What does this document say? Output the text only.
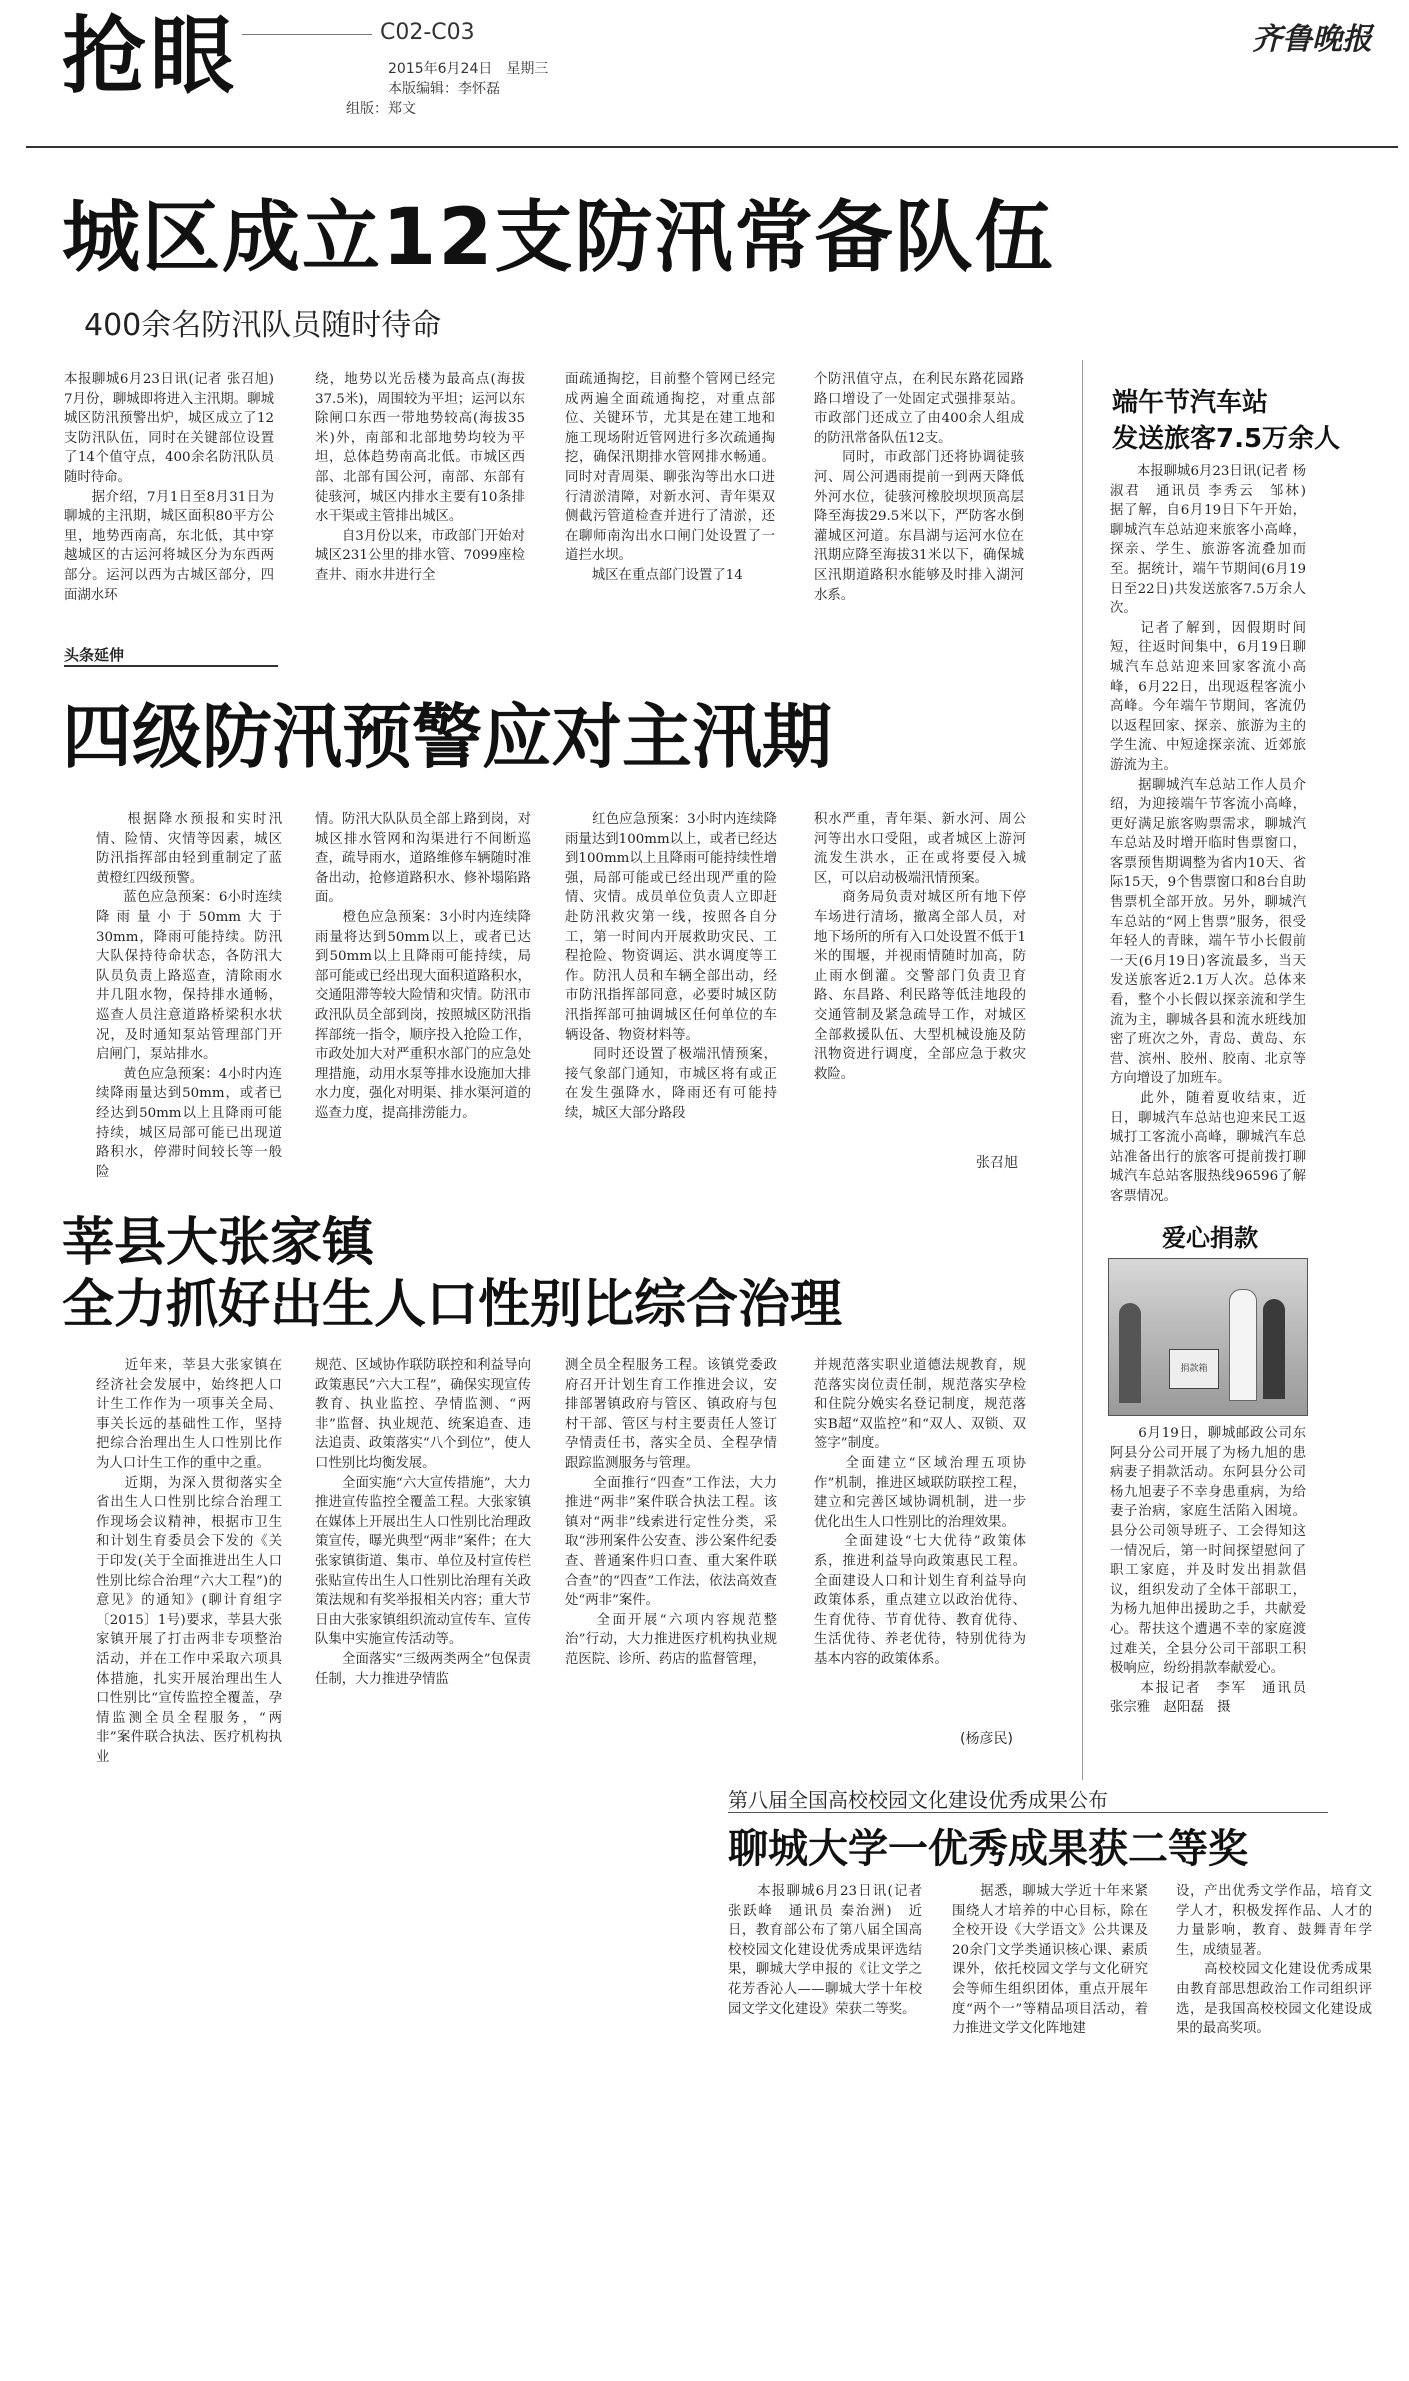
抢眼	C02-C03
2015年6月24日　星期三
本版编辑：李怀磊
组版：郑文
齐鲁晚报
城区成立12支防汛常备队伍
400余名防汛队员随时待命
本报聊城6月23日讯(记者 张召旭)　7月份，聊城即将进入主汛期。聊城城区防汛预警出炉，城区成立了12支防汛队伍，同时在关键部位设置了14个值守点，400余名防汛队员随时待命。
　　据介绍，7月1日至8月31日为聊城的主汛期，城区面积80平方公里，地势西南高，东北低，其中穿越城区的古运河将城区分为东西两部分。运河以西为古城区部分，四面湖水环
绕，地势以光岳楼为最高点(海拔37.5米)，周围较为平坦；运河以东除闸口东西一带地势较高(海拔35米)外，南部和北部地势均较为平坦，总体趋势南高北低。市城区西部、北部有国公河，南部、东部有徒骇河，城区内排水主要有10条排水干渠或主管排出城区。
　　自3月份以来，市政部门开始对城区231公里的排水管、7099座检查井、雨水井进行全
面疏通掏挖，目前整个管网已经完成两遍全面疏通掏挖，对重点部位、关键环节，尤其是在建工地和施工现场附近管网进行多次疏通掏挖，确保汛期排水管网排水畅通。同时对青周渠、聊张沟等出水口进行清淤清障，对新水河、青年渠双侧截污管道检查并进行了清淤，还在聊师南沟出水口闸门处设置了一道拦水坝。
　　城区在重点部门设置了14
个防汛值守点，在利民东路花园路路口增设了一处固定式强排泵站。市政部门还成立了由400余人组成的防汛常备队伍12支。
　　同时，市政部门还将协调徒骇河、周公河遇雨提前一到两天降低外河水位，徒骇河橡胶坝坝顶高层降至海拔29.5米以下，严防客水倒灌城区河道。东昌湖与运河水位在汛期应降至海拔31米以下，确保城区汛期道路积水能够及时排入湖河水系。
头条延伸
四级防汛预警应对主汛期
　　根据降水预报和实时汛情、险情、灾情等因素，城区防汛指挥部由轻到重制定了蓝黄橙红四级预警。
　　蓝色应急预案：6小时连续降雨量小于50mm大于30mm，降雨可能持续。防汛大队保持待命状态，各防汛大队员负责上路巡查，清除雨水井几阻水物，保持排水通畅，巡查人员注意道路桥梁积水状况，及时通知泵站管理部门开启闸门，泵站排水。
　　黄色应急预案：4小时内连续降雨量达到50mm，或者已经达到50mm以上且降雨可能持续，城区局部可能已出现道路积水，停滞时间较长等一般险
情。防汛大队队员全部上路到岗，对城区排水管网和沟渠进行不间断巡查，疏导雨水，道路维修车辆随时准备出动，抢修道路积水、修补塌陷路面。
　　橙色应急预案：3小时内连续降雨量将达到50mm以上，或者已达到50mm以上且降雨可能持续，局部可能或已经出现大面积道路积水，交通阻滞等较大险情和灾情。防汛市政汛队员全部到岗，按照城区防汛指挥部统一指令，顺序投入抢险工作，市政处加大对严重积水部门的应急处理措施，动用水泵等排水设施加大排水力度，强化对明渠、排水渠河道的巡查力度，提高排涝能力。
　　红色应急预案：3小时内连续降雨量达到100mm以上，或者已经达到100mm以上且降雨可能持续性增强，局部可能或已经出现严重的险情、灾情。成员单位负责人立即赶赴防汛救灾第一线，按照各自分工，第一时间内开展救助灾民、工程抢险、物资调运、洪水调度等工作。防汛人员和车辆全部出动，经市防汛指挥部同意，必要时城区防汛指挥部可抽调城区任何单位的车辆设备、物资材料等。
　　同时还设置了极端汛情预案，接气象部门通知，市城区将有或正在发生强降水，降雨还有可能持续，城区大部分路段
积水严重，青年渠、新水河、周公河等出水口受阻，或者城区上游河流发生洪水，正在或将要侵入城区，可以启动极端汛情预案。
　　商务局负责对城区所有地下停车场进行清场，撤离全部人员，对地下场所的所有入口处设置不低于1米的围堰，并视雨情随时加高，防止雨水倒灌。交警部门负责卫育路、东昌路、利民路等低洼地段的交通管制及紧急疏导工作，对城区全部救援队伍、大型机械设施及防汛物资进行调度，全部应急于救灾救险。
张召旭
莘县大张家镇
全力抓好出生人口性别比综合治理
　　近年来，莘县大张家镇在经济社会发展中，始终把人口计生工作作为一项事关全局、事关长远的基础性工作，坚持把综合治理出生人口性别比作为人口计生工作的重中之重。
　　近期，为深入贯彻落实全省出生人口性别比综合治理工作现场会议精神，根据市卫生和计划生育委员会下发的《关于印发(关于全面推进出生人口性别比综合治理“六大工程”)的意见》的通知》(聊计育组字〔2015〕1号)要求，莘县大张家镇开展了打击两非专项整治活动，并在工作中采取六项具体措施，扎实开展治理出生人口性别比“宣传监控全覆盖，孕情监测全员全程服务，“两非”案件联合执法、医疗机构执业
规范、区域协作联防联控和利益导向政策惠民”六大工程”，确保实现宣传教育、执业监控、孕情监测、“两非”监督、执业规范、统案追查、违法追责、政策落实“八个到位”，使人口性别比均衡发展。
　　全面实施“六大宣传措施”，大力推进宣传监控全覆盖工程。大张家镇在媒体上开展出生人口性别比治理政策宣传，曝光典型“两非”案件；在大张家镇街道、集市、单位及村宣传栏张贴宣传出生人口性别比治理有关政策法规和有奖举报相关内容；重大节日由大张家镇组织流动宣传车、宣传队集中实施宣传活动等。
　　全面落实“三级两类两全”包保责任制，大力推进孕情监
测全员全程服务工程。该镇党委政府召开计划生育工作推进会议，安排部署镇政府与管区、镇政府与包村干部、管区与村主要责任人签订孕情责任书，落实全员、全程孕情跟踪监测服务与管理。
　　全面推行“四查”工作法，大力推进“两非”案件联合执法工程。该镇对“两非”线索进行定性分类，采取“涉刑案件公安查、涉公案件纪委查、普通案件归口查、重大案件联合查”的“四查”工作法，依法高效查处“两非”案件。
　　全面开展“六项内容规范整治”行动，大力推进医疗机构执业规范医院、诊所、药店的监督管理，
并规范落实职业道德法规教育，规范落实岗位责任制，规范落实孕检和住院分娩实名登记制度，规范落实B超“双监控”和“双人、双锁、双签字”制度。
　　全面建立“区域治理五项协作”机制，推进区域联防联控工程，建立和完善区域协调机制，进一步优化出生人口性别比的治理效果。
　　全面建设“七大优待”政策体系，推进利益导向政策惠民工程。全面建设人口和计划生育利益导向政策体系，重点建立以政治优待、生育优待、节育优待、教育优待、生活优待、养老优待，特别优待为基本内容的政策体系。
(杨彦民)
端午节汽车站
发送旅客7.5万余人
　　本报聊城6月23日讯(记者 杨淑君　通讯员 李秀云　邹林)　据了解，自6月19日下午开始，聊城汽车总站迎来旅客小高峰，探亲、学生、旅游客流叠加而至。据统计，端午节期间(6月19日至22日)共发送旅客7.5万余人次。
　　记者了解到，因假期时间短，往返时间集中，6月19日聊城汽车总站迎来回家客流小高峰，6月22日，出现返程客流小高峰。今年端午节期间，客流仍以返程回家、探亲、旅游为主的学生流、中短途探亲流、近郊旅游流为主。
　　据聊城汽车总站工作人员介绍，为迎接端午节客流小高峰，更好满足旅客购票需求，聊城汽车总站及时增开临时售票窗口，客票预售期调整为省内10天、省际15天，9个售票窗口和8台自助售票机全部开放。另外，聊城汽车总站的“网上售票”服务，很受年轻人的青睐，端午节小长假前一天(6月19日)客流最多，当天发送旅客近2.1万人次。总体来看，整个小长假以探亲流和学生流为主，聊城各县和流水班线加密了班次之外，青岛、黄岛、东营、滨州、胶州、胶南、北京等方向增设了加班车。
　　此外，随着夏收结束，近日，聊城汽车总站也迎来民工返城打工客流小高峰，聊城汽车总站准备出行的旅客可提前拨打聊城汽车总站客服热线96596了解客票情况。
爱心捐款
捐款箱
　　6月19日，聊城邮政公司东阿县分公司开展了为杨九旭的患病妻子捐款活动。东阿县分公司杨九旭妻子不幸身患重病，为给妻子治病，家庭生活陷入困境。县分公司领导班子、工会得知这一情况后，第一时间探望慰问了职工家庭，并及时发出捐款倡议，组织发动了全体干部职工，为杨九旭伸出援助之手，共献爱心。帮扶这个遭遇不幸的家庭渡过难关，全县分公司干部职工积极响应，纷纷捐款奉献爱心。
　　本报记者　李军　通讯员　张宗雅　赵阳磊　摄
第八届全国高校校园文化建设优秀成果公布
聊城大学一优秀成果获二等奖
　　本报聊城6月23日讯(记者　张跃峰　通讯员 秦治洲)　近日，教育部公布了第八届全国高校校园文化建设优秀成果评选结果，聊城大学申报的《让文学之花芳香沁人——聊城大学十年校园文学文化建设》荣获二等奖。
　　据悉，聊城大学近十年来紧围绕人才培养的中心目标，除在全校开设《大学语文》公共课及20余门文学类通识核心课、素质课外，依托校园文学与文化研究会等师生组织团体，重点开展年度“两个一”等精品项目活动，着力推进文学文化阵地建
设，产出优秀文学作品，培育文学人才，积极发挥作品、人才的力量影响，教育、鼓舞青年学生，成绩显著。
　　高校校园文化建设优秀成果由教育部思想政治工作司组织评选，是我国高校校园文化建设成果的最高奖项。
